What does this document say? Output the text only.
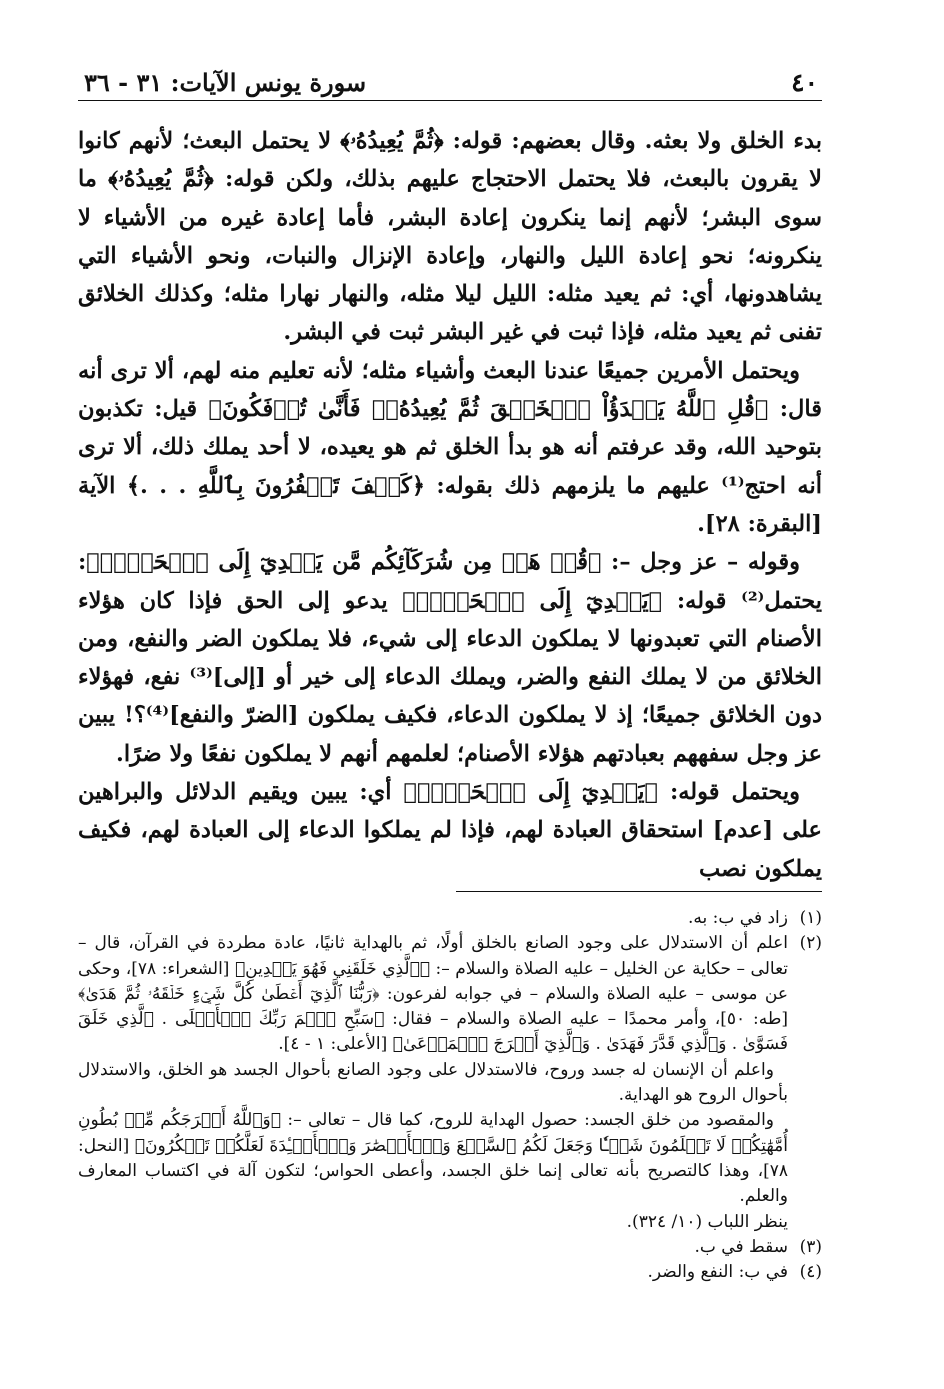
٤٠
سورة يونس الآيات: ٣١ - ٣٦

بدء الخلق ولا بعثه. وقال بعضهم: قوله: ﴿ثُمَّ يُعِيدُهُۥ﴾ لا يحتمل البعث؛ لأنهم كانوا لا يقرون بالبعث، فلا يحتمل الاحتجاج عليهم بذلك، ولكن قوله: ﴿ثُمَّ يُعِيدُهُۥ﴾ ما سوى البشر؛ لأنهم إنما ينكرون إعادة البشر، فأما إعادة غيره من الأشياء لا ينكرونه؛ نحو إعادة الليل والنهار، وإعادة الإنزال والنبات، ونحو الأشياء التي يشاهدونها، أي: ثم يعيد مثله: الليل ليلا مثله، والنهار نهارا مثله؛ وكذلك الخلائق تفنى ثم يعيد مثله، فإذا ثبت في غير البشر ثبت في البشر.

ويحتمل الأمرين جميعًا عندنا البعث وأشياء مثله؛ لأنه تعليم منه لهم، ألا ترى أنه قال: ﴿قُلِ ٱللَّهُ يَبۡدَؤُاْ ٱلۡخَلۡقَ ثُمَّ يُعِيدُهُۥۖ فَأَنَّىٰ تُؤۡفَكُونَ﴾ قيل: تكذبون بتوحيد الله، وقد عرفتم أنه هو بدأ الخلق ثم هو يعيده، لا أحد يملك ذلك، ألا ترى أنه احتج⁽¹⁾ عليهم ما يلزمهم ذلك بقوله: ﴿كَيۡفَ تَكۡفُرُونَ بِٱللَّهِ . . .﴾ الآية [البقرة: ٢٨].

وقوله – عز وجل –: ﴿قُلۡ هَلۡ مِن شُرَكَآئِكُم مَّن يَهۡدِيٓ إِلَى ٱلۡحَقِّۚ﴾: يحتمل⁽²⁾ قوله: ﴿يَهۡدِيٓ إِلَى ٱلۡحَقِّۚ﴾ يدعو إلى الحق فإذا كان هؤلاء الأصنام التي تعبدونها لا يملكون الدعاء إلى شيء، فلا يملكون الضر والنفع، ومن الخلائق من لا يملك النفع والضر، ويملك الدعاء إلى خير أو [إلى]⁽³⁾ نفع، فهؤلاء دون الخلائق جميعًا؛ إذ لا يملكون الدعاء، فكيف يملكون [الضرّ والنفع]⁽⁴⁾؟! يبين عز وجل سفههم بعبادتهم هؤلاء الأصنام؛ لعلمهم أنهم لا يملكون نفعًا ولا ضرًا.

ويحتمل قوله: ﴿يَهۡدِيٓ إِلَى ٱلۡحَقِّۚ﴾ أي: يبين ويقيم الدلائل والبراهين على [عدم] استحقاق العبادة لهم، فإذا لم يملكوا الدعاء إلى العبادة لهم، فكيف يملكون نصب

(١)

زاد في ب: به.

(٢)

اعلم أن الاستدلال على وجود الصانع بالخلق أولًا، ثم بالهداية ثانيًا، عادة مطردة في القرآن، قال – تعالى – حكاية عن الخليل – عليه الصلاة والسلام –: ﴿ٱلَّذِي خَلَقَنِي فَهُوَ يَهۡدِينِ﴾ [الشعراء: ٧٨]، وحكى عن موسى – عليه الصلاة والسلام – في جوابه لفرعون: ﴿رَبُّنَا ٱلَّذِيٓ أَعۡطَىٰ كُلَّ شَيۡءٍ خَلۡقَهُۥ ثُمَّ هَدَىٰ﴾ [طه: ٥٠]، وأمر محمدًا – عليه الصلاة والسلام – فقال: ﴿سَبِّحِ ٱسۡمَ رَبِّكَ ٱلۡأَعۡلَى . ٱلَّذِي خَلَقَ فَسَوَّىٰ . وَٱلَّذِي قَدَّرَ فَهَدَىٰ . وَٱلَّذِيٓ أَخۡرَجَ ٱلۡمَرۡعَىٰ﴾ [الأعلى: ١ - ٤].

واعلم أن الإنسان له جسد وروح، فالاستدلال على وجود الصانع بأحوال الجسد هو الخلق، والاستدلال بأحوال الروح هو الهداية.

والمقصود من خلق الجسد: حصول الهداية للروح، كما قال – تعالى –: ﴿وَٱللَّهُ أَخۡرَجَكُم مِّنۢ بُطُونِ أُمَّهَٰتِكُمۡ لَا تَعۡلَمُونَ شَيۡـٔٗا وَجَعَلَ لَكُمُ ٱلسَّمۡعَ وَٱلۡأَبۡصَٰرَ وَٱلۡأَفۡـِٔدَةَ لَعَلَّكُمۡ تَشۡكُرُونَ﴾ [النحل: ٧٨]، وهذا كالتصريح بأنه تعالى إنما خلق الجسد، وأعطى الحواس؛ لتكون آلة في اكتساب المعارف والعلم.

ينظر اللباب (١٠/ ٣٢٤).

(٣)

سقط في ب.

(٤)

في ب: النفع والضر.
